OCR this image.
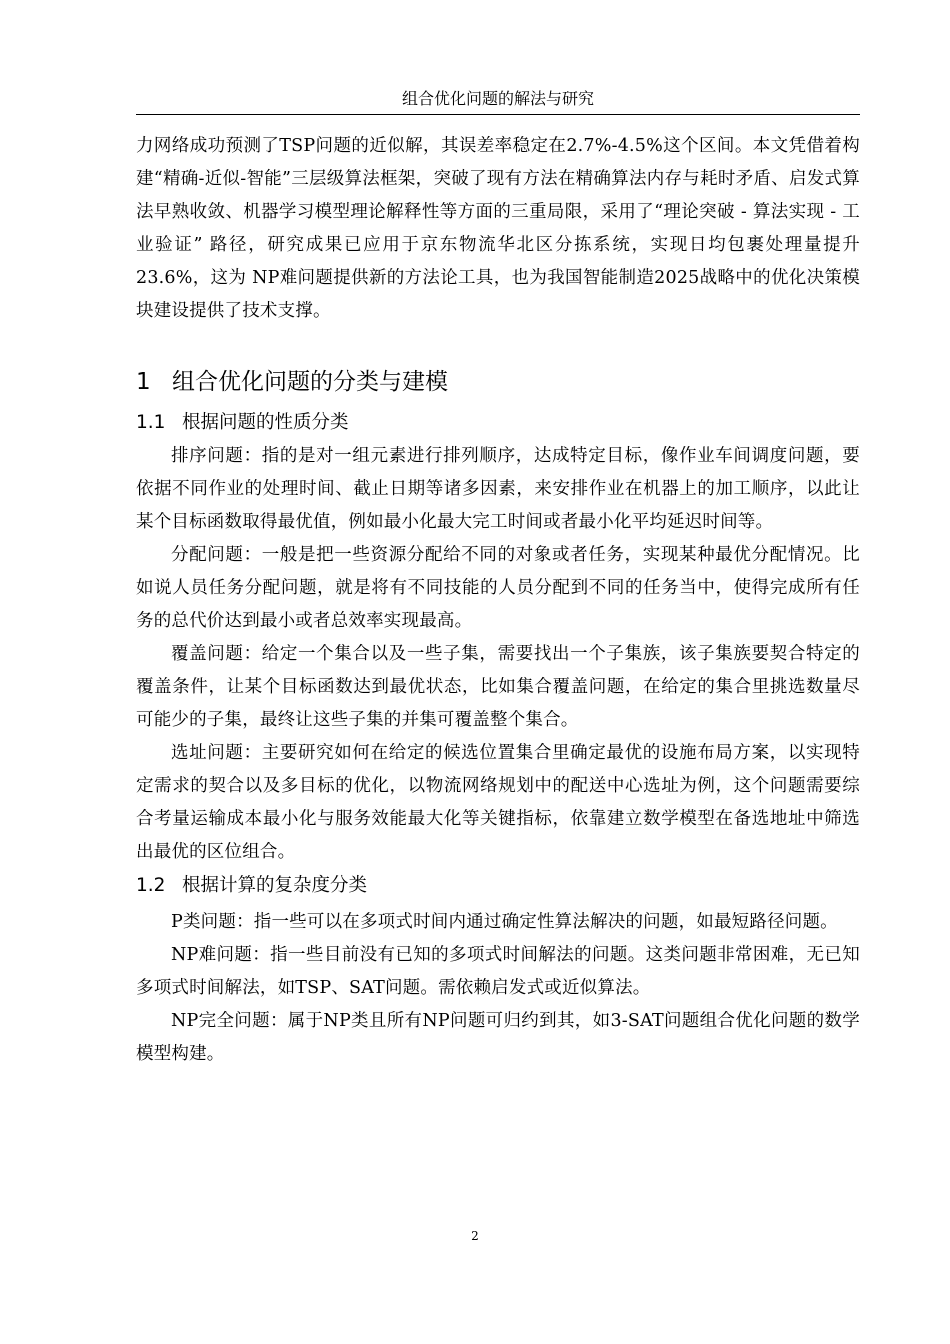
组合优化问题的解法与研究

力网络成功预测了TSP问题的近似解，其误差率稳定在2.7%-4.5%这个区间。本文凭借着构建“精确-近似-智能”三层级算法框架，突破了现有方法在精确算法内存与耗时矛盾、启发式算法早熟收敛、机器学习模型理论解释性等方面的三重局限，采用了“理论突破 - 算法实现 - 工业验证” 路径，研究成果已应用于京东物流华北区分拣系统，实现日均包裹处理量提升 23.6%，这为 NP难问题提供新的方法论工具，也为我国智能制造2025战略中的优化决策模块建设提供了技术支撑。

1 组合优化问题的分类与建模
1.1 根据问题的性质分类

排序问题：指的是对一组元素进行排列顺序，达成特定目标，像作业车间调度问题，要依据不同作业的处理时间、截止日期等诸多因素，来安排作业在机器上的加工顺序，以此让某个目标函数取得最优值，例如最小化最大完工时间或者最小化平均延迟时间等。

分配问题：一般是把一些资源分配给不同的对象或者任务，实现某种最优分配情况。比如说人员任务分配问题，就是将有不同技能的人员分配到不同的任务当中，使得完成所有任务的总代价达到最小或者总效率实现最高。

覆盖问题：给定一个集合以及一些子集，需要找出一个子集族，该子集族要契合特定的覆盖条件，让某个目标函数达到最优状态，比如集合覆盖问题，在给定的集合里挑选数量尽可能少的子集，最终让这些子集的并集可覆盖整个集合。

选址问题：主要研究如何在给定的候选位置集合里确定最优的设施布局方案，以实现特定需求的契合以及多目标的优化，以物流网络规划中的配送中心选址为例，这个问题需要综合考量运输成本最小化与服务效能最大化等关键指标，依靠建立数学模型在备选地址中筛选出最优的区位组合。

1.2 根据计算的复杂度分类

P类问题：指一些可以在多项式时间内通过确定性算法解决的问题，如最短路径问题。

NP难问题：指一些目前没有已知的多项式时间解法的问题。这类问题非常困难，无已知多项式时间解法，如TSP、SAT问题。需依赖启发式或近似算法。

NP完全问题：属于NP类且所有NP问题可归约到其，如3-SAT问题组合优化问题的数学模型构建。

2
